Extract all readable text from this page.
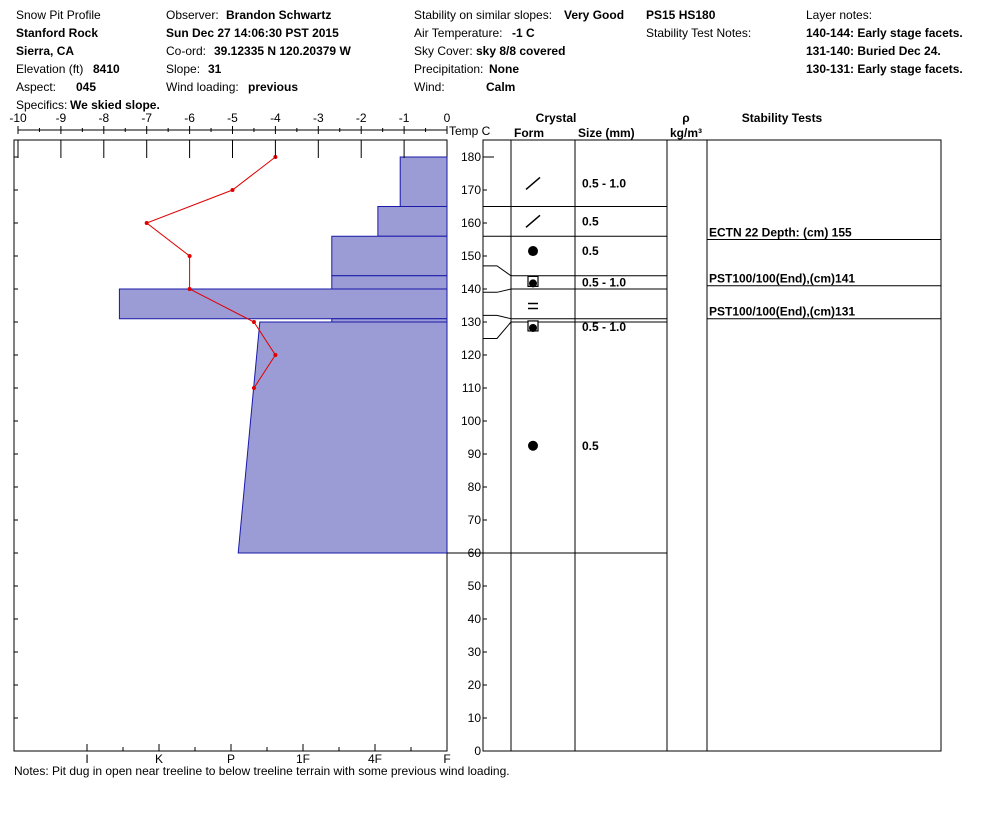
Snow Pit Profile
Stanford Rock
Sierra, CA
Elevation (ft) 8410
Aspect: 045
Specifics: We skied slope.
Observer: Brandon Schwartz
Sun Dec 27 14:06:30 PST 2015
Co-ord: 39.12335 N 120.20379 W
Slope: 31
Wind loading: previous
Stability on similar slopes: Very Good
Air Temperature: -1 C
Sky Cover: sky 8/8 covered
Precipitation: None
Wind:	Calm
PS15 HS180
Stability Test Notes:
Layer notes:
140-144: Early stage facets.
131-140: Buried Dec 24.
130-131: Early stage facets.
-10 -9	-8	-7	-6	-5	-4	-3	-2	-1	0
I	K	P	1F	4F	F
0
10
20
30
40
50
60
70
80
90
100
110
120
130
140
150
160
170
180
0.5 - 1.0
0.5
0.5
0.5 - 1.0
0.5 - 1.0
0.5
ECTN 22 Depth: (cm) 155
PST100/100(End),(cm)141
PST100/100(End),(cm)131
Temp C
Crystal
Form	Size (mm)
ρ
kg/m³
Stability Tests
Notes: Pit dug in open near treeline to below treeline terrain with some previous wind loading.
